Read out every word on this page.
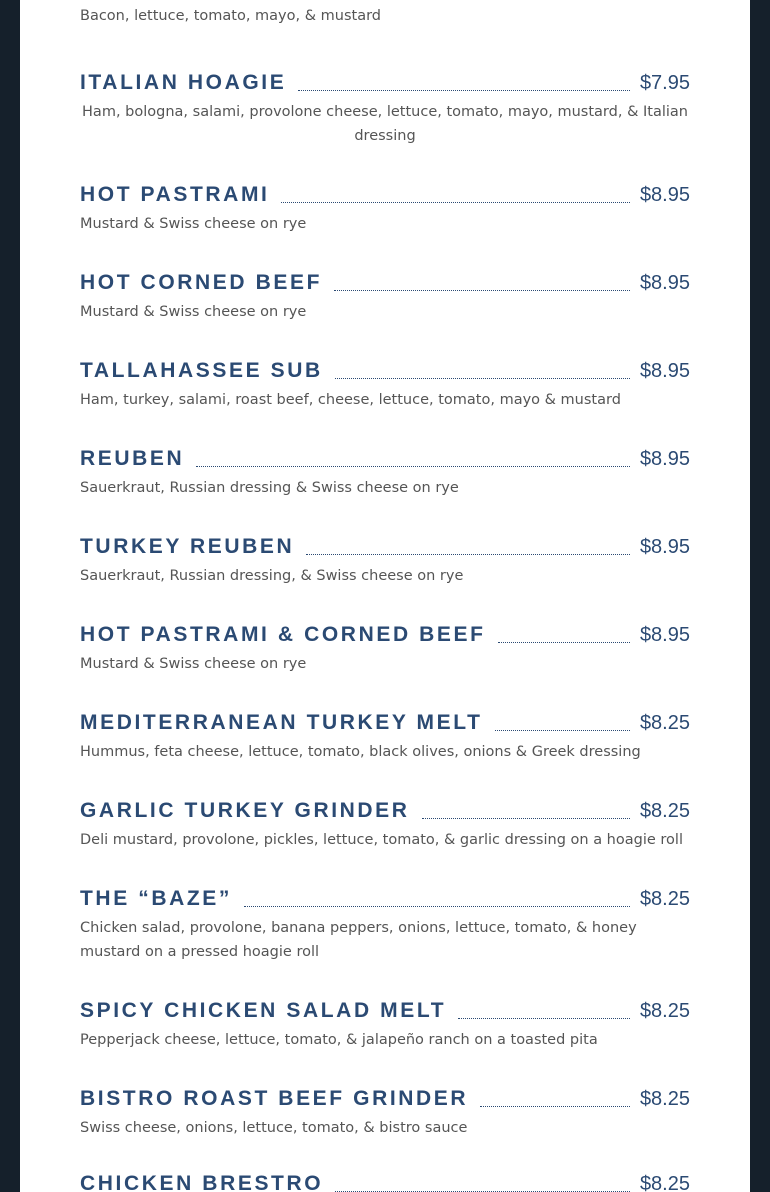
Bacon, lettuce, tomato, mayo, & mustard
ITALIAN HOAGIE	$7.95
Ham, bologna, salami, provolone cheese, lettuce, tomato, mayo, mustard, & Italian dressing
HOT PASTRAMI	$8.95
Mustard & Swiss cheese on rye
HOT CORNED BEEF	$8.95
Mustard & Swiss cheese on rye
TALLAHASSEE SUB	$8.95
Ham, turkey, salami, roast beef, cheese, lettuce, tomato, mayo & mustard
REUBEN	$8.95
Sauerkraut, Russian dressing & Swiss cheese on rye
TURKEY REUBEN	$8.95
Sauerkraut, Russian dressing, & Swiss cheese on rye
HOT PASTRAMI & CORNED BEEF	$8.95
Mustard & Swiss cheese on rye
MEDITERRANEAN TURKEY MELT	$8.25
Hummus, feta cheese, lettuce, tomato, black olives, onions & Greek dressing
GARLIC TURKEY GRINDER	$8.25
Deli mustard, provolone, pickles, lettuce, tomato, & garlic dressing on a hoagie roll
THE “BAZE”	$8.25
Chicken salad, provolone, banana peppers, onions, lettuce, tomato, & honey mustard on a pressed hoagie roll
SPICY CHICKEN SALAD MELT	$8.25
Pepperjack cheese, lettuce, tomato, & jalapeño ranch on a toasted pita
BISTRO ROAST BEEF GRINDER	$8.25
Swiss cheese, onions, lettuce, tomato, & bistro sauce
CHICKEN BRESTRO	$8.25
